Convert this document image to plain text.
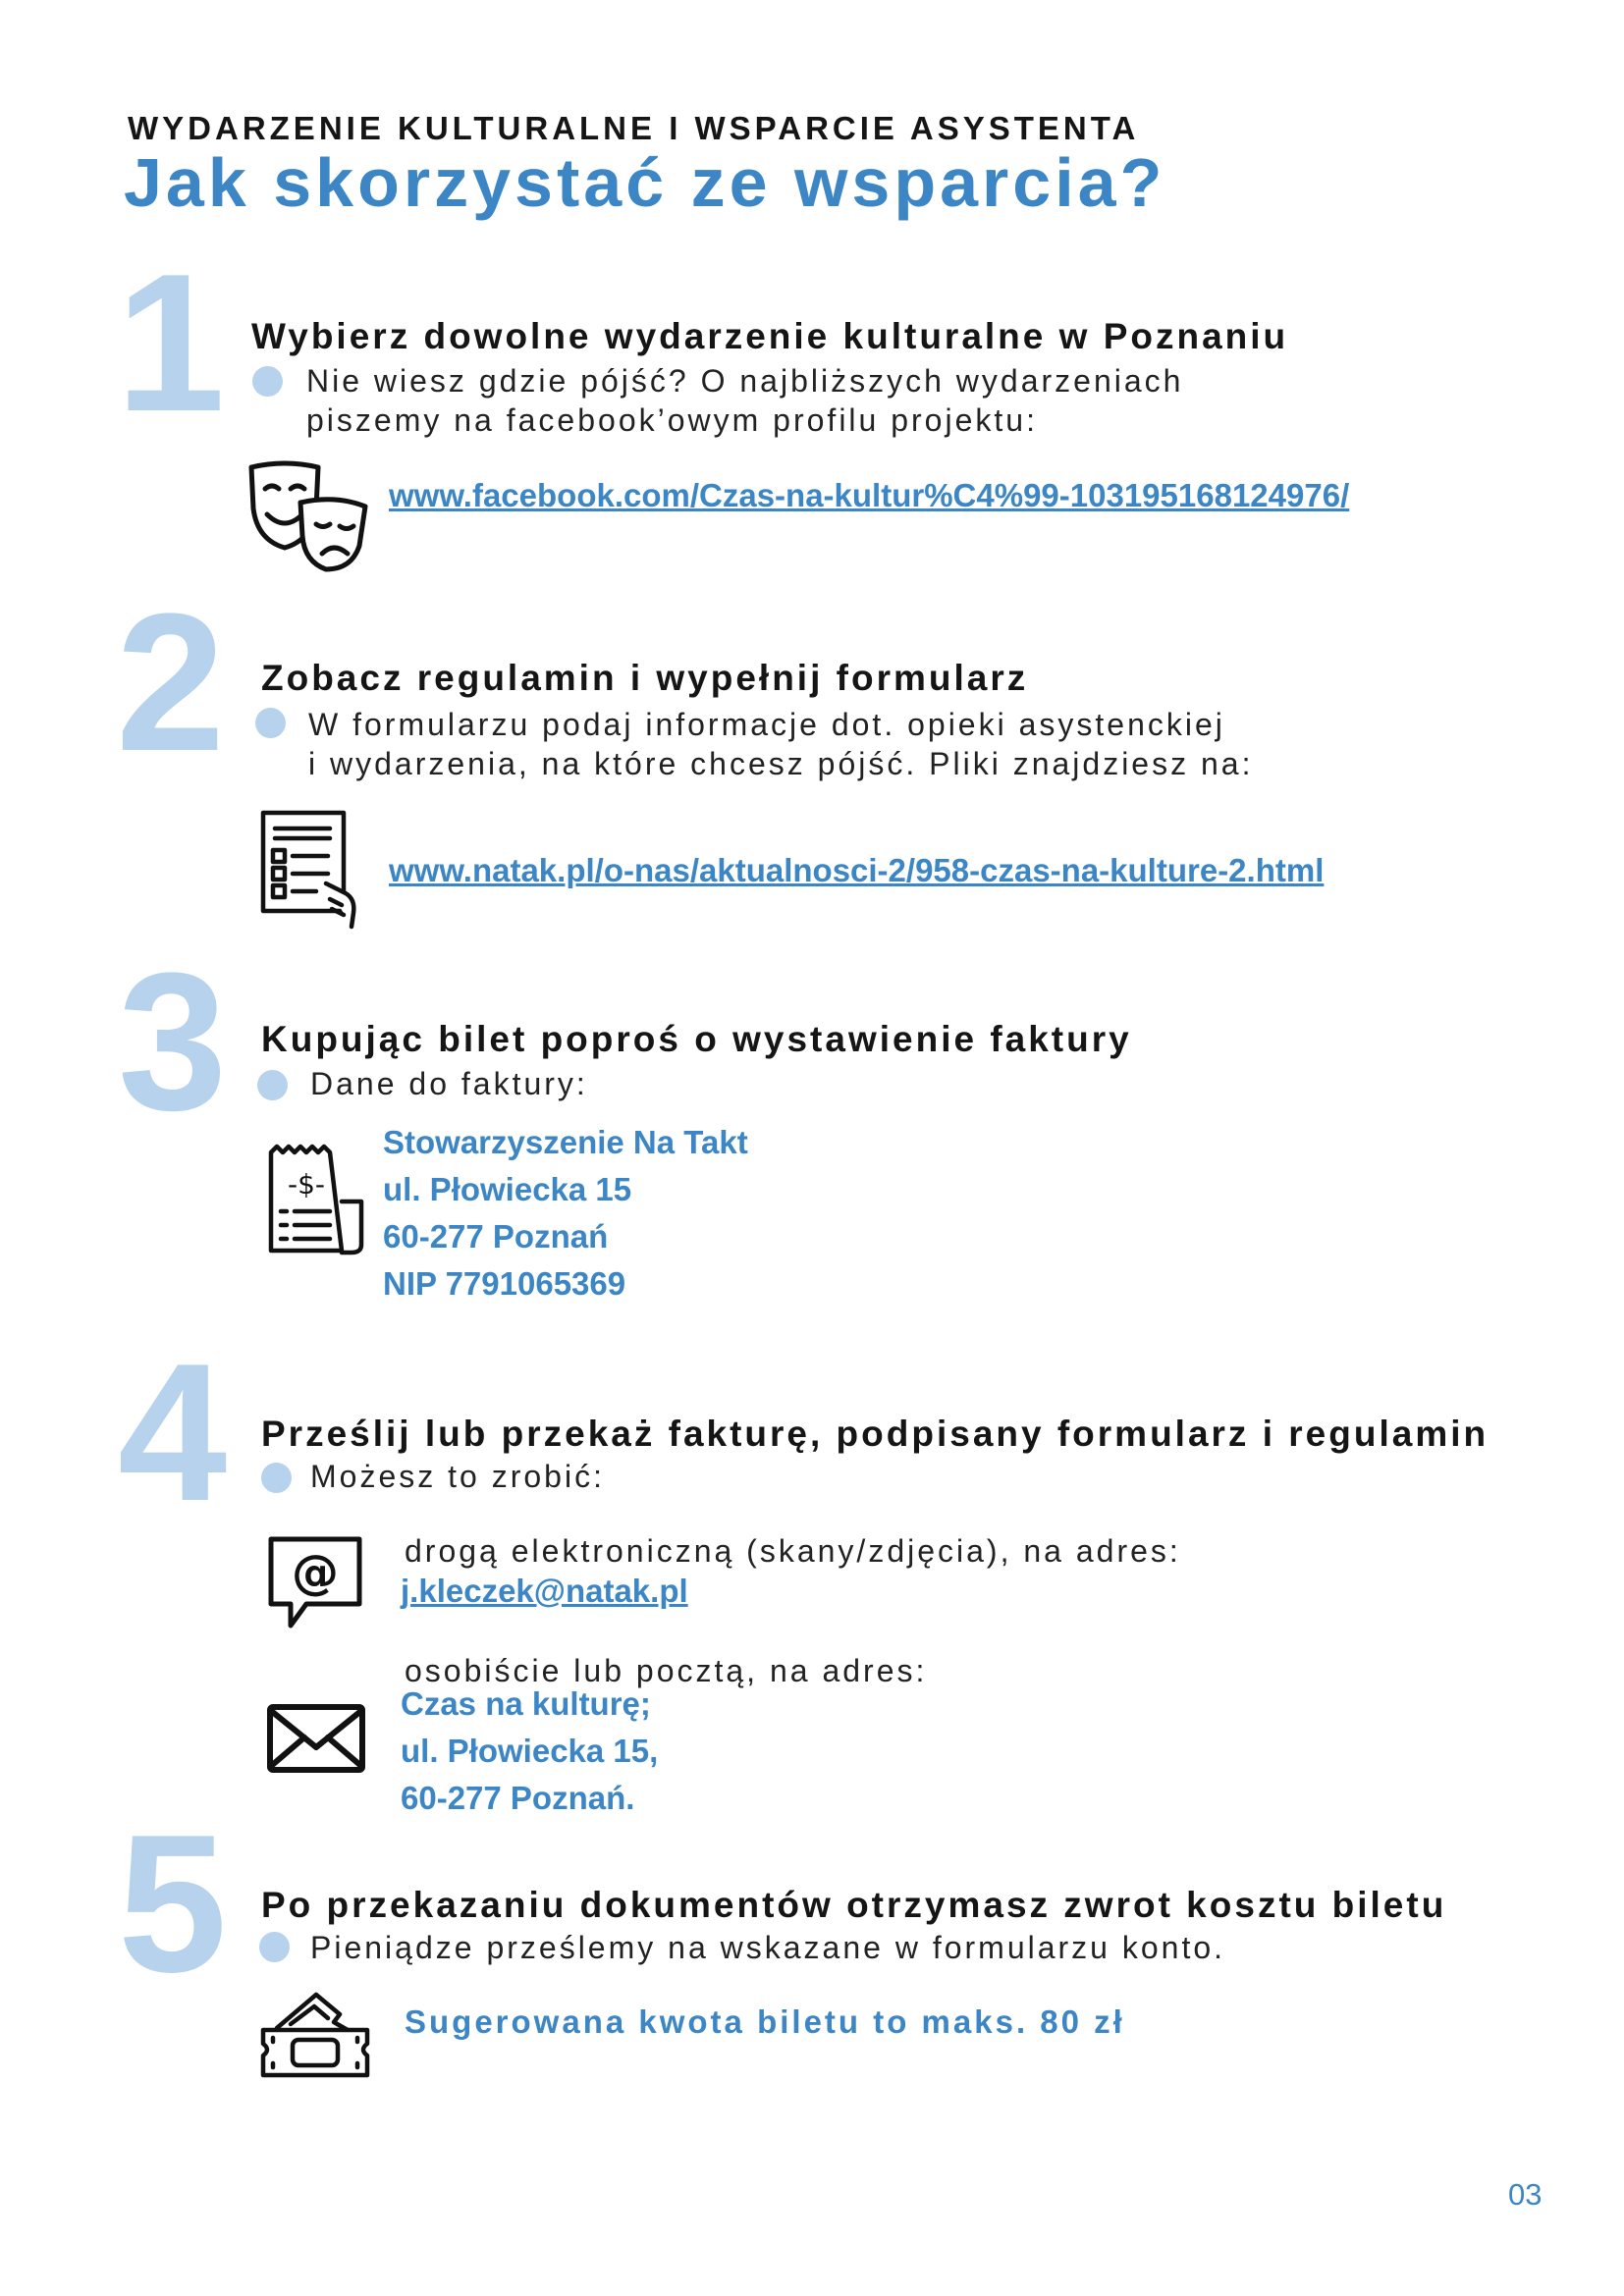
WYDARZENIE KULTURALNE I WSPARCIE ASYSTENTA
Jak skorzystać ze wsparcia?
1 Wybierz dowolne wydarzenie kulturalne w Poznaniu
Nie wiesz gdzie pójść? O najbliższych wydarzeniach
piszemy na facebook’owym profilu projektu:
www.facebook.com/Czas-na-kultur%C4%99-103195168124976/
2 Zobacz regulamin i wypełnij formularz
W formularzu podaj informacje dot. opieki asystenckiej
i wydarzenia, na które chcesz pójść. Pliki znajdziesz na:
www.natak.pl/o-nas/aktualnosci-2/958-czas-na-kulture-2.html
3 Kupując bilet poproś o wystawienie faktury
Dane do faktury:
-$-
Stowarzyszenie Na Takt
ul. Płowiecka 15
60-277 Poznań
NIP 7791065369
4 Prześlij lub przekaż fakturę, podpisany formularz i regulamin
Możesz to zrobić:
@ drogą elektroniczną (skany/zdjęcia), na adres:
j.kleczek@natak.pl
osobiście lub pocztą, na adres:
Czas na kulturę;
ul. Płowiecka 15,
60-277 Poznań.
5 Po przekazaniu dokumentów otrzymasz zwrot kosztu biletu
Pieniądze prześlemy na wskazane w formularzu konto.
Sugerowana kwota biletu to maks. 80 zł
03
